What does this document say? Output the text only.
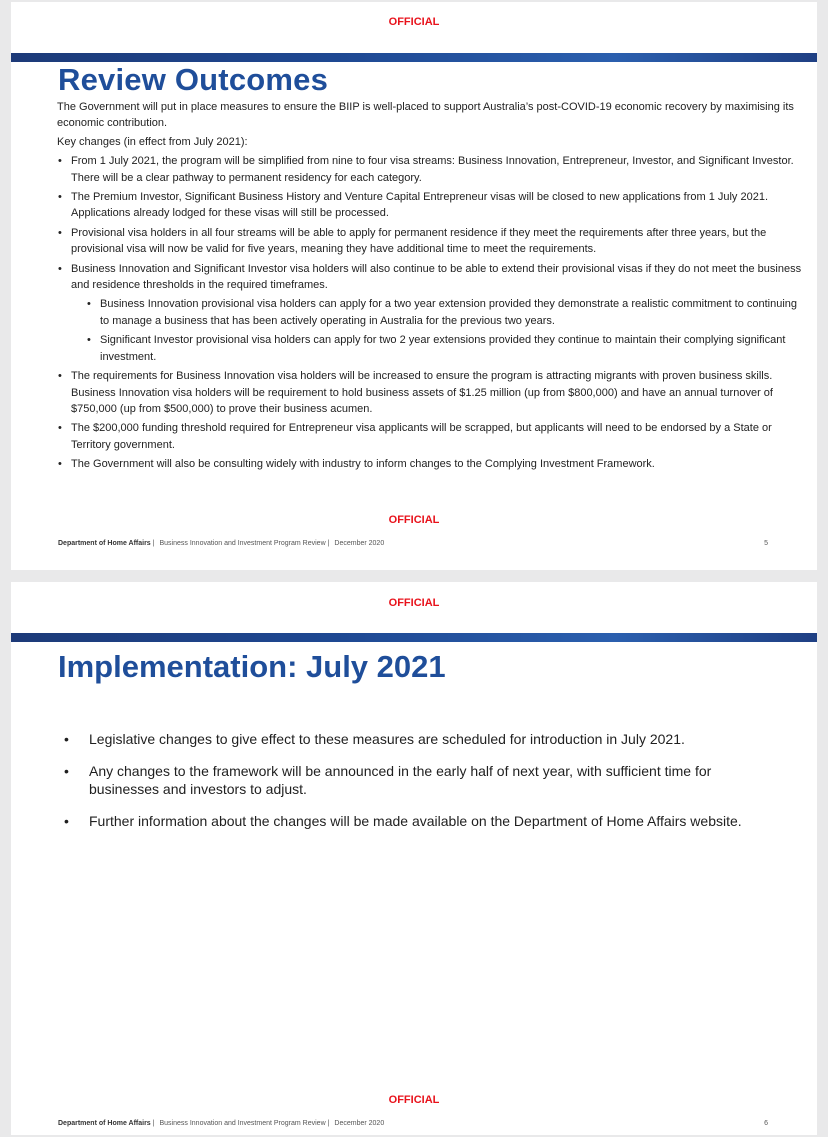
OFFICIAL
Review Outcomes

The Government will put in place measures to ensure the BIIP is well-placed to support Australia’s post-COVID-19 economic recovery by maximising its economic contribution.

Key changes (in effect from July 2021):

• From 1 July 2021, the program will be simplified from nine to four visa streams: Business Innovation, Entrepreneur, Investor, and Significant Investor. There will be a clear pathway to permanent residency for each category.
• The Premium Investor, Significant Business History and Venture Capital Entrepreneur visas will be closed to new applications from 1 July 2021. Applications already lodged for these visas will still be processed.
• Provisional visa holders in all four streams will be able to apply for permanent residence if they meet the requirements after three years, but the provisional visa will now be valid for five years, meaning they have additional time to meet the requirements.
• Business Innovation and Significant Investor visa holders will also continue to be able to extend their provisional visas if they do not meet the business and residence thresholds in the required timeframes.
• Business Innovation provisional visa holders can apply for a two year extension provided they demonstrate a realistic commitment to continuing to manage a business that has been actively operating in Australia for the previous two years.
• Significant Investor provisional visa holders can apply for two 2 year extensions provided they continue to maintain their complying significant investment.
• The requirements for Business Innovation visa holders will be increased to ensure the program is attracting migrants with proven business skills. Business Innovation visa holders will be requirement to hold business assets of $1.25 million (up from $800,000) and have an annual turnover of $750,000 (up from $500,000) to prove their business acumen.
• The $200,000 funding threshold required for Entrepreneur visa applicants will be scrapped, but applicants will need to be endorsed by a State or Territory government.
• The Government will also be consulting widely with industry to inform changes to the Complying Investment Framework.
OFFICIAL
Department of Home Affairs | Business Innovation and Investment Program Review | December 2020	5
OFFICIAL
Implementation: July 2021
• Legislative changes to give effect to these measures are scheduled for introduction in July 2021.
• Any changes to the framework will be announced in the early half of next year, with sufficient time for businesses and investors to adjust.
• Further information about the changes will be made available on the Department of Home Affairs website.
OFFICIAL
Department of Home Affairs | Business Innovation and Investment Program Review | December 2020	6
